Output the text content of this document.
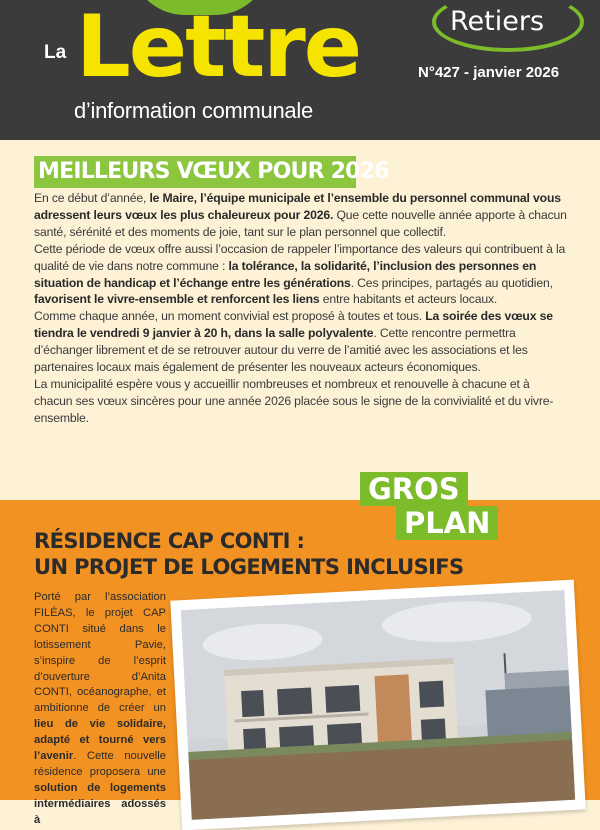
La Lettre
d’information communale
Retiers
N°427 - janvier 2026
MEILLEURS VŒUX POUR 2026

En ce début d’année, le Maire, l’équipe municipale et l’ensemble du personnel communal vous adressent leurs vœux les plus chaleureux pour 2026. Que cette nouvelle année apporte à chacun santé, sérénité et des moments de joie, tant sur le plan personnel que collectif.

Cette période de vœux offre aussi l’occasion de rappeler l’importance des valeurs qui contribuent à la qualité de vie dans notre commune : la tolérance, la solidarité, l’inclusion des personnes en situation de handicap et l’échange entre les générations. Ces principes, partagés au quotidien, favorisent le vivre-ensemble et renforcent les liens entre habitants et acteurs locaux.

Comme chaque année, un moment convivial est proposé à toutes et tous. La soirée des vœux se tiendra le vendredi 9 janvier à 20 h, dans la salle polyvalente. Cette rencontre permettra d’échanger librement et de se retrouver autour du verre de l’amitié avec les associations et les partenaires locaux mais également de présenter les nouveaux acteurs économiques.

La municipalité espère vous y accueillir nombreuses et nombreux et renouvelle à chacune et à chacun ses vœux sincères pour une année 2026 placée sous le signe de la convivialité et du vivre-ensemble.

GROS
PLAN
RÉSIDENCE CAP CONTI :
UN PROJET DE LOGEMENTS INCLUSIFS

Porté par l’association FILÉAS, le projet CAP CONTI situé dans le lotissement Pavie, s’inspire de l’esprit d’ouverture d’Anita CONTI, océanographe, et ambitionne de créer un lieu de vie solidaire, adapté et tourné vers l’avenir. Cette nouvelle résidence proposera une solution de logements intermédiaires adossés à
